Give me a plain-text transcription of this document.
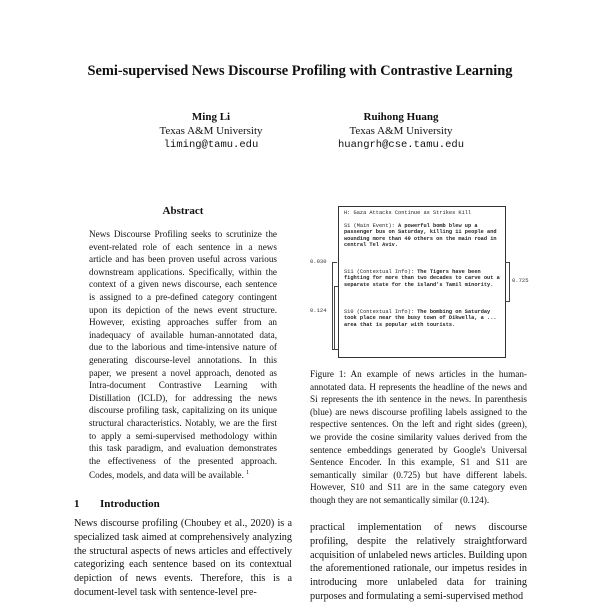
Semi-supervised News Discourse Profiling with Contrastive Learning
Ming Li
Texas A&M University
liming@tamu.edu
Ruihong Huang
Texas A&M University
huangrh@cse.tamu.edu
Abstract
News Discourse Profiling seeks to scrutinize the event-related role of each sentence in a news article and has been proven useful across various downstream applications. Specifically, within the context of a given news discourse, each sentence is assigned to a pre-defined category contingent upon its depiction of the news event structure. However, existing approaches suffer from an inadequacy of available human-annotated data, due to the laborious and time-intensive nature of generating discourse-level annotations. In this paper, we present a novel approach, denoted as Intra-document Contrastive Learning with Distillation (ICLD), for addressing the news discourse profiling task, capitalizing on its unique structural characteristics. Notably, we are the first to apply a semi-supervised methodology within this task paradigm, and evaluation demonstrates the effectiveness of the presented approach. Codes, models, and data will be available. $^1$
1 Introduction
News discourse profiling (Choubey et al., 2020) is a specialized task aimed at comprehensively analyzing the structural aspects of news articles and effectively categorizing each sentence based on its contextual depiction of news events. Therefore, this is a document-level task with sentence-level pre-
practical implementation of news discourse profiling, despite the relatively straightforward acquisition of unlabeled news articles. Building upon the aforementioned rationale, our impetus resides in introducing more unlabeled data for training purposes and formulating a semi-supervised method
H: Gaza Attacks Continue as Strikes Kill
S1 (Main Event): A powerful bomb blew up a passenger bus on Saturday, killing 11 people and wounding more than 40 others on the main road in central Tel Aviv.
S11 (Contextual Info): The Tigers have been fighting for more than two decades to carve out a separate state for the island's Tamil minority.
S10 (Contextual Info): The bombing on Saturday took place near the busy town of Dikwella, a ... area that is popular with tourists.
0.030
0.124
0.725
Figure 1: An example of news articles in the human-annotated data. H represents the headline of the news and Si represents the ith sentence in the news. In parenthesis (blue) are news discourse profiling labels assigned to the respective sentences. On the left and right sides (green), we provide the cosine similarity values derived from the sentence embeddings generated by Google's Universal Sentence Encoder. In this example, S1 and S11 are semantically similar (0.725) but have different labels. However, S10 and S11 are in the same category even though they are not semantically similar (0.124).
